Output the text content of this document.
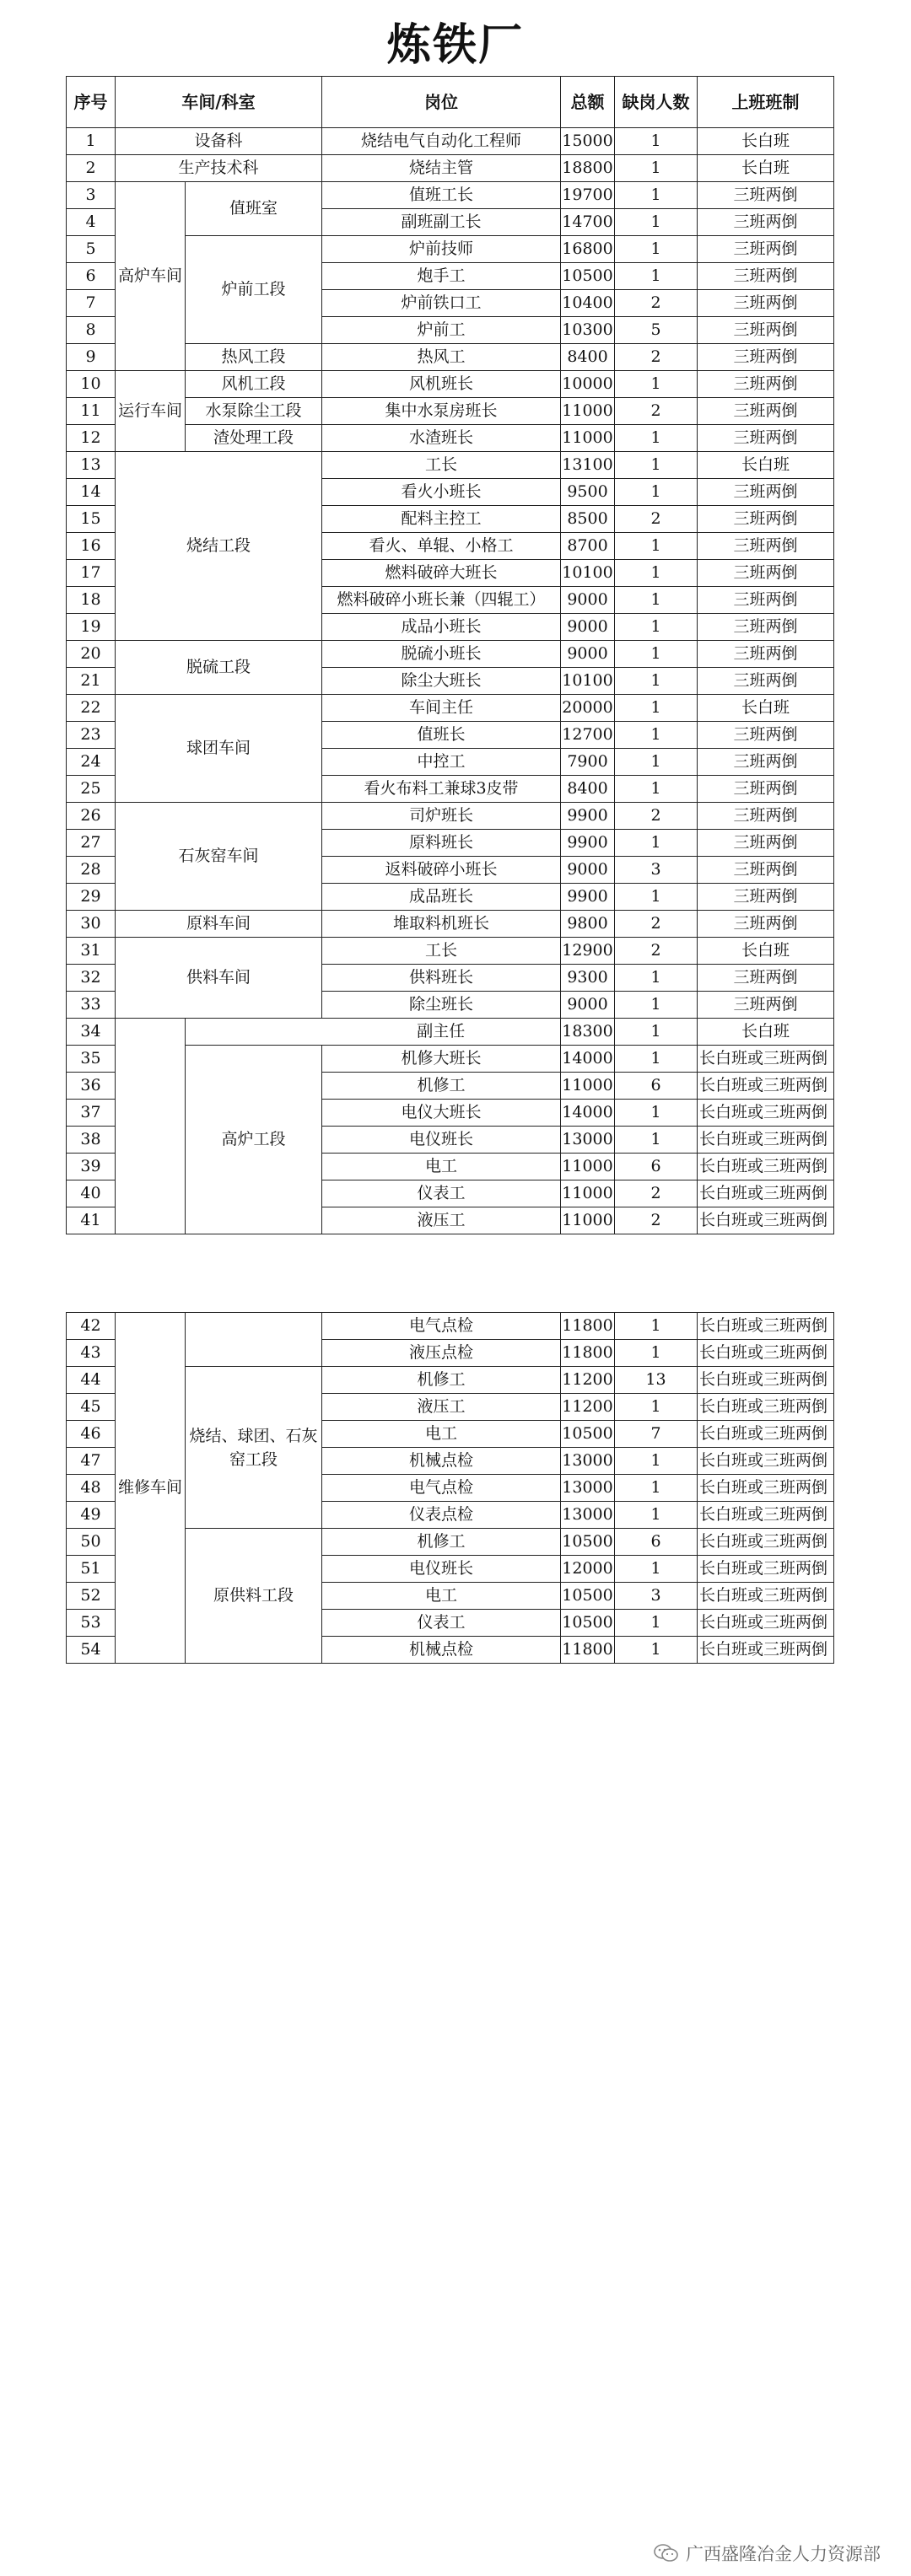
炼铁厂
序号	车间/科室		岗位	总额	缺岗人数	上班班制
1	设备科		烧结电气自动化工程师	15000	1	长白班
2	生产技术科		烧结主管	18800	1	长白班
3	高炉车间	值班室	值班工长	19700	1	三班两倒
4			副班副工长	14700	1	三班两倒
5		炉前工段	炉前技师	16800	1	三班两倒
6			炮手工	10500	1	三班两倒
7			炉前铁口工	10400	2	三班两倒
8			炉前工	10300	5	三班两倒
9		热风工段	热风工	8400	2	三班两倒
10	运行车间	风机工段	风机班长	10000	1	三班两倒
11		水泵除尘工段	集中水泵房班长	11000	2	三班两倒
12		渣处理工段	水渣班长	11000	1	三班两倒
13	烧结工段		工长	13100	1	长白班
14			看火小班长	9500	1	三班两倒
15			配料主控工	8500	2	三班两倒
16			看火、单辊、小格工	8700	1	三班两倒
17			燃料破碎大班长	10100	1	三班两倒
18			燃料破碎小班长兼（四辊工）	9000	1	三班两倒
19			成品小班长	9000	1	三班两倒
20	脱硫工段		脱硫小班长	9000	1	三班两倒
21			除尘大班长	10100	1	三班两倒
22	球团车间		车间主任	20000	1	长白班
23			值班长	12700	1	三班两倒
24			中控工	7900	1	三班两倒
25			看火布料工兼球3皮带	8400	1	三班两倒
26	石灰窑车间		司炉班长	9900	2	三班两倒
27			原料班长	9900	1	三班两倒
28			返料破碎小班长	9000	3	三班两倒
29			成品班长	9900	1	三班两倒
30	原料车间		堆取料机班长	9800	2	三班两倒
31	供料车间		工长	12900	2	长白班
32			供料班长	9300	1	三班两倒
33			除尘班长	9000	1	三班两倒
34			副主任	18300	1	长白班
35		高炉工段	机修大班长	14000	1	长白班或三班两倒
36			机修工	11000	6	长白班或三班两倒
37			电仪大班长	14000	1	长白班或三班两倒
38			电仪班长	13000	1	长白班或三班两倒
39			电工	11000	6	长白班或三班两倒
40			仪表工	11000	2	长白班或三班两倒
41			液压工	11000	2	长白班或三班两倒
42	维修车间		电气点检	11800	1	长白班或三班两倒
43			液压点检	11800	1	长白班或三班两倒
44		烧结、球团、石灰窑工段	机修工	11200	13	长白班或三班两倒
45			液压工	11200	1	长白班或三班两倒
46			电工	10500	7	长白班或三班两倒
47			机械点检	13000	1	长白班或三班两倒
48			电气点检	13000	1	长白班或三班两倒
49			仪表点检	13000	1	长白班或三班两倒
50		原供料工段	机修工	10500	6	长白班或三班两倒
51			电仪班长	12000	1	长白班或三班两倒
52			电工	10500	3	长白班或三班两倒
53			仪表工	10500	1	长白班或三班两倒
54			机械点检	11800	1	长白班或三班两倒
广西盛隆冶金人力资源部
